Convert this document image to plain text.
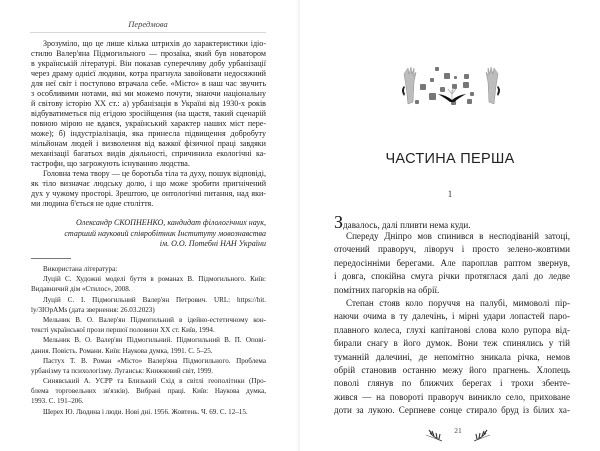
Передмова
Зрозуміло, що це лише кілька штрихів до характеристики ідіо-
стилю Валер'яна Підмогильного — прозаїка, який був новатором
в українській літературі. Він показав суперечливу добу урбанізації
через драму однієї людини, котра прагнула завойовати недосяжний
для неї світ і поступово втрачала себе. «Місто» в наш час звучить
з особливими нотами, які ми можемо почути, знаючи національну
й світову історію ХХ ст.: а) урбанізація в Україні від 1930-х років
відбуватиметься під егідою зросійщення (на щастя, такий сценарій
повною мірою не вдався, український характер наших міст пере-
може); б) індустріалізація, яка принесла підвищення добробуту
мільйонам людей і визволення від важкої фізичної праці завдяки
механізації багатьох видів діяльності, спричинила екологічні ка-
тастрофи, що загрожують існуванню людства.
Головна тема твору — це боротьба тіла та духу, пошук відповіді,
як тіло визначає людську долю, і що може зробити пригнічений
дух у чужому просторі. Зрештою, це онтологічні питання, над яки-
ми людина б'ється не одне століття.
Олександр СКОПНЕНКО, кандидат філологічних наук,
старший науковий співробітник Інституту мовознавства
ім. О.О. Потебні НАН України
Використана література:
Луцій С. Художні моделі буття в романах В. Підмогильного. Київ:
Видавничий дім «Стилос», 2008.
Луцій С. І. Підмогильний Валер'ян Петрович. URL: https://bit.
ly/3IOpAMs (дата звернення: 26.03.2023)
Мельник В. О. Валер'ян Підмогильний в ідейно-естетичному кон-
тексті української прози першої половини ХХ ст. Київ, 1994.
Мельник В. О. Валер'ян Підмогильний. Підмогильний В. П. Опові-
дання. Повість. Романи. Київ: Наукова думка, 1991. С. 5–25.
Пастух Т. В. Роман «Місто» Валер'яна Підмогильного. Проблема
урбанізму та психологізму. Луганськ: Книжковий світ, 1999.
Синявський А. УСРР та Близький Схід в світлі геополітики (Про-
блема торговельних зв'язків). Вибрані праці. Київ: Наукова думка,
1993. С. 191–206.
Шерех Ю. Людина і люди. Нові дні. 1956. Жовтень. Ч. 69. С. 12–15.
ЧАСТИНА ПЕРША
1
Здавалось, далі пливти нема куди.
Спереду Дніпро мов спинився в несподіваній затоці,
оточений праворуч, ліворуч і просто зелено-жовтими
передосінніми берегами. Але пароплав раптом звернув,
і довга, спокійна смуга річки протяглася далі до ледве
помітних пагорків на обрії.
Степан стояв коло поруччя на палубі, мимоволі пір-
наючи очима в ту далечінь, і мірні удари лопастей паро-
плавного колеса, глухі капітанові слова коло рупора від-
бирали снагу в його думок. Вони теж спинялись у тій
туманній далечині, де непомітно зникала річка, немов
обрій становив останню межу його прагнень. Хлопець
поволі глянув по ближчих берегах і трохи збенте-
жився — на повороті праворуч виникло село, приховане
доти за лукою. Серпневе сонце стирало бруд із білих ха-
21
